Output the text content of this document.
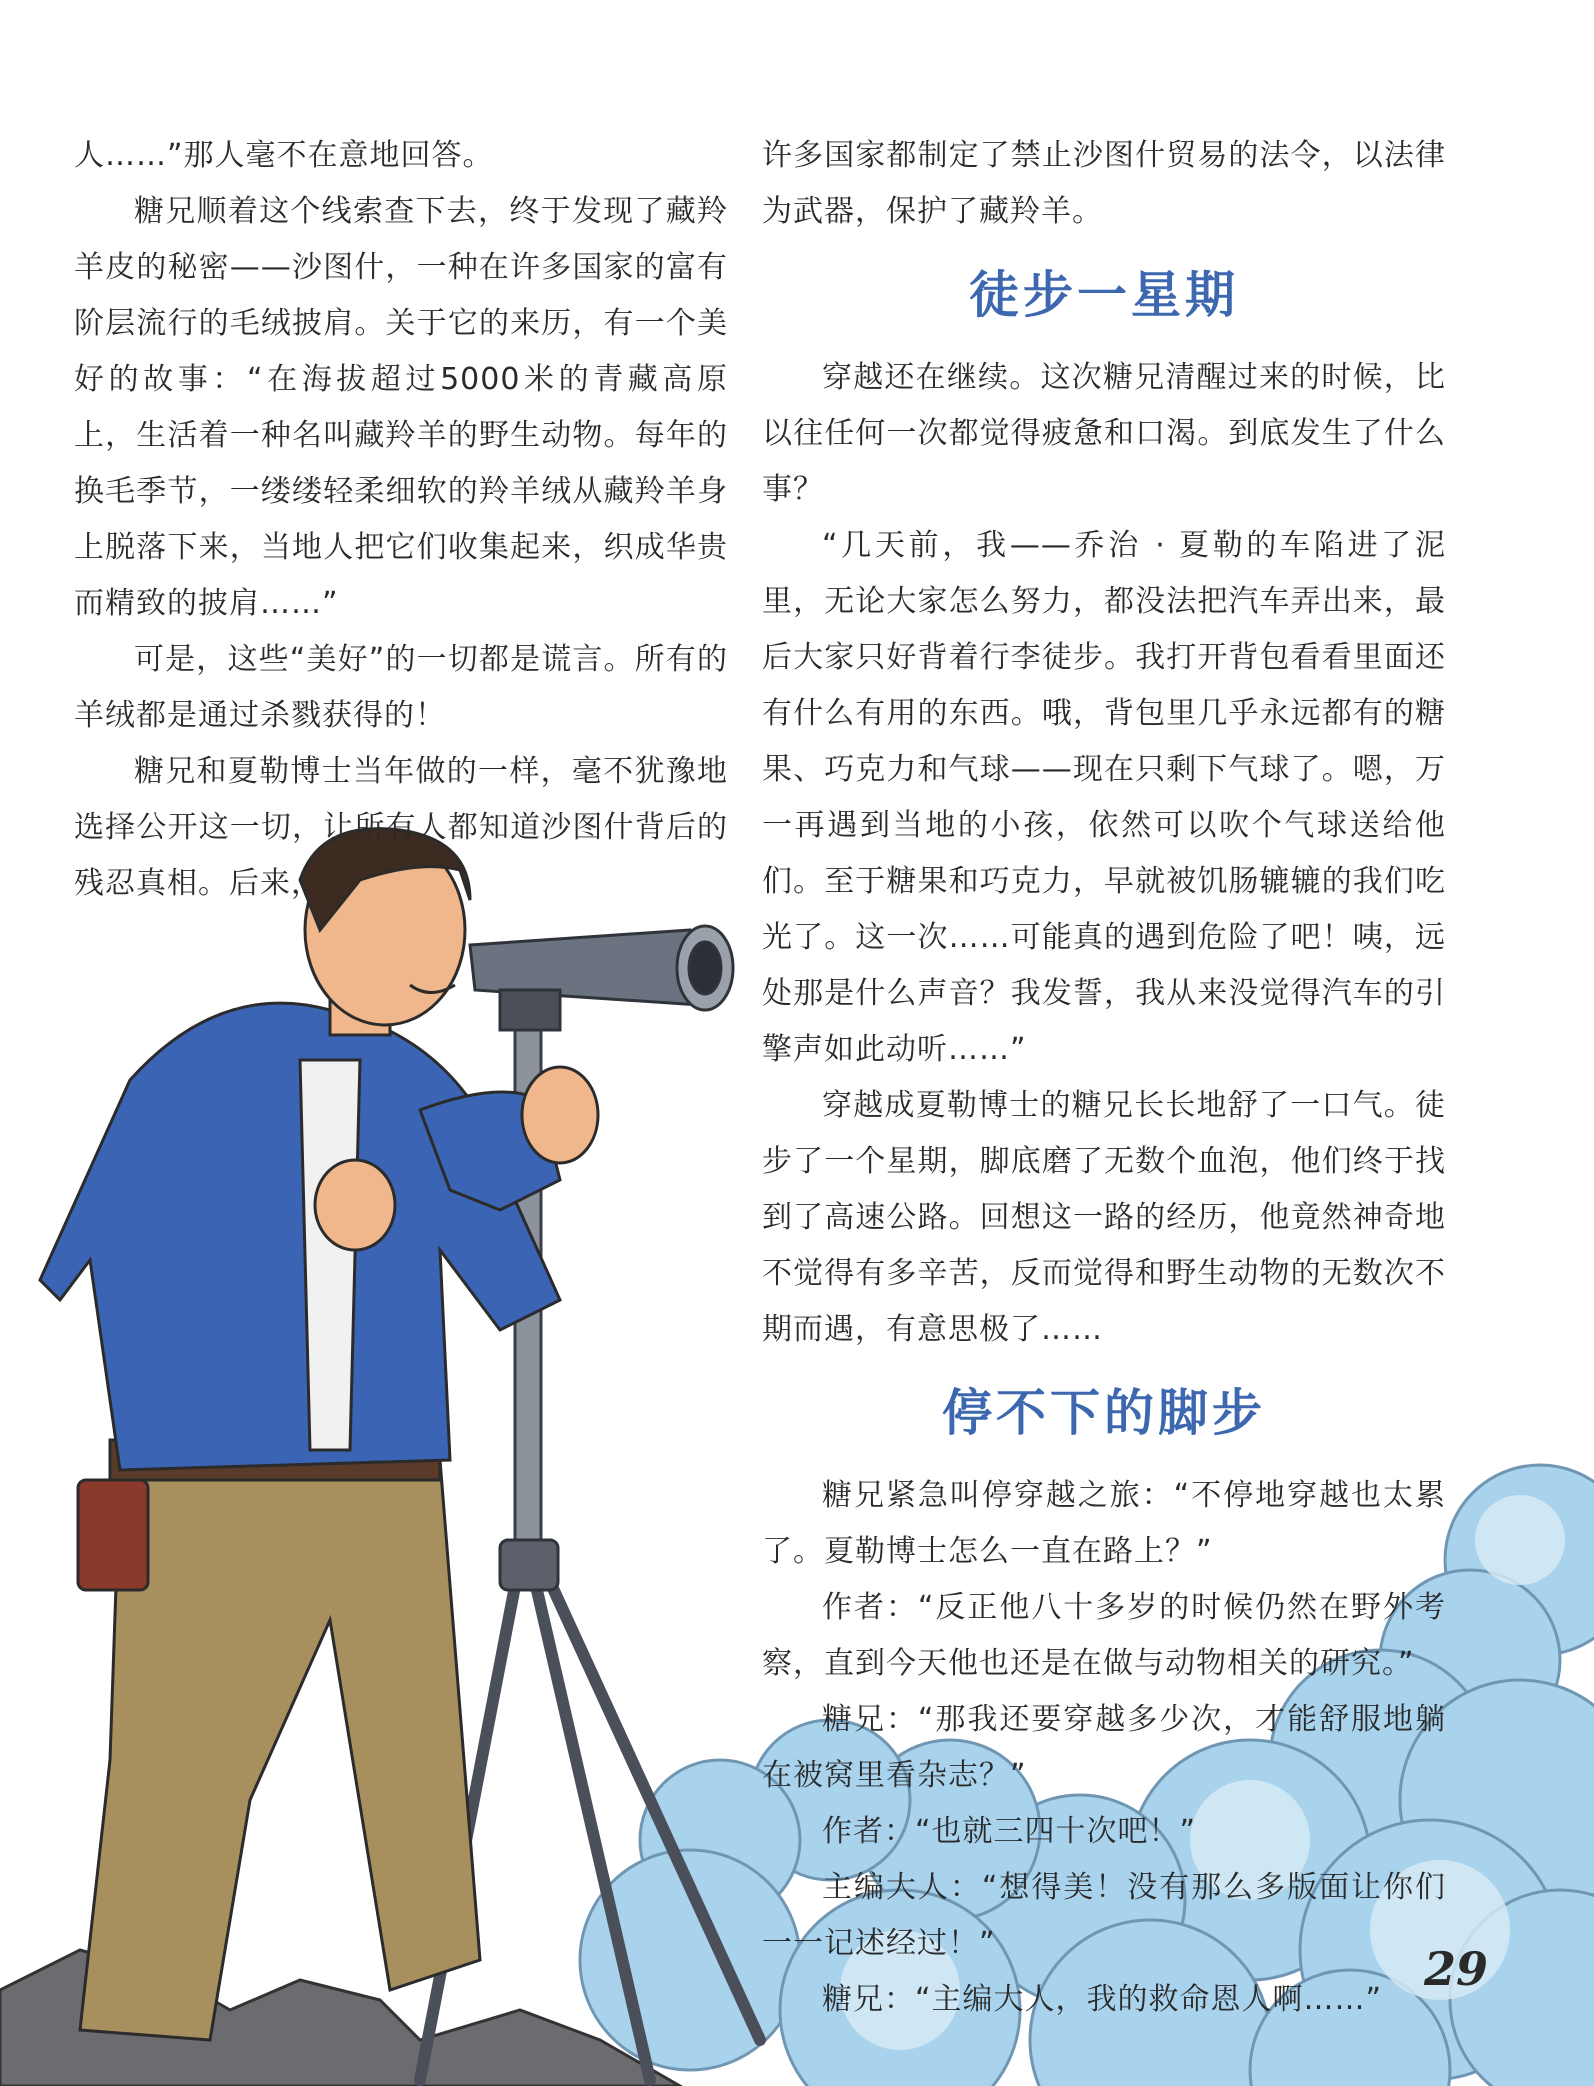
人……”那人毫不在意地回答。

糖兄顺着这个线索查下去，终于发现了藏羚羊皮的秘密——沙图什，一种在许多国家的富有阶层流行的毛绒披肩。关于它的来历，有一个美好的故事：“在海拔超过5000米的青藏高原上，生活着一种名叫藏羚羊的野生动物。每年的换毛季节，一缕缕轻柔细软的羚羊绒从藏羚羊身上脱落下来，当地人把它们收集起来，织成华贵而精致的披肩……”

可是，这些“美好”的一切都是谎言。所有的羊绒都是通过杀戮获得的！

糖兄和夏勒博士当年做的一样，毫不犹豫地选择公开这一切，让所有人都知道沙图什背后的残忍真相。后来，

许多国家都制定了禁止沙图什贸易的法令，以法律为武器，保护了藏羚羊。

徒步一星期

穿越还在继续。这次糖兄清醒过来的时候，比以往任何一次都觉得疲惫和口渴。到底发生了什么事？

“几天前，我——乔治 · 夏勒的车陷进了泥里，无论大家怎么努力，都没法把汽车弄出来，最后大家只好背着行李徒步。我打开背包看看里面还有什么有用的东西。哦，背包里几乎永远都有的糖果、巧克力和气球——现在只剩下气球了。嗯，万一再遇到当地的小孩，依然可以吹个气球送给他们。至于糖果和巧克力，早就被饥肠辘辘的我们吃光了。这一次……可能真的遇到危险了吧！咦，远处那是什么声音？我发誓，我从来没觉得汽车的引擎声如此动听……”

穿越成夏勒博士的糖兄长长地舒了一口气。徒步了一个星期，脚底磨了无数个血泡，他们终于找到了高速公路。回想这一路的经历，他竟然神奇地不觉得有多辛苦，反而觉得和野生动物的无数次不期而遇，有意思极了……

停不下的脚步

糖兄紧急叫停穿越之旅：“不停地穿越也太累了。夏勒博士怎么一直在路上？”

作者：“反正他八十多岁的时候仍然在野外考察，直到今天他也还是在做与动物相关的研究。”

糖兄：“那我还要穿越多少次，才能舒服地躺在被窝里看杂志？”

作者：“也就三四十次吧！”

主编大人：“想得美！没有那么多版面让你们一一记述经过！”

糖兄：“主编大人，我的救命恩人啊……”

29
